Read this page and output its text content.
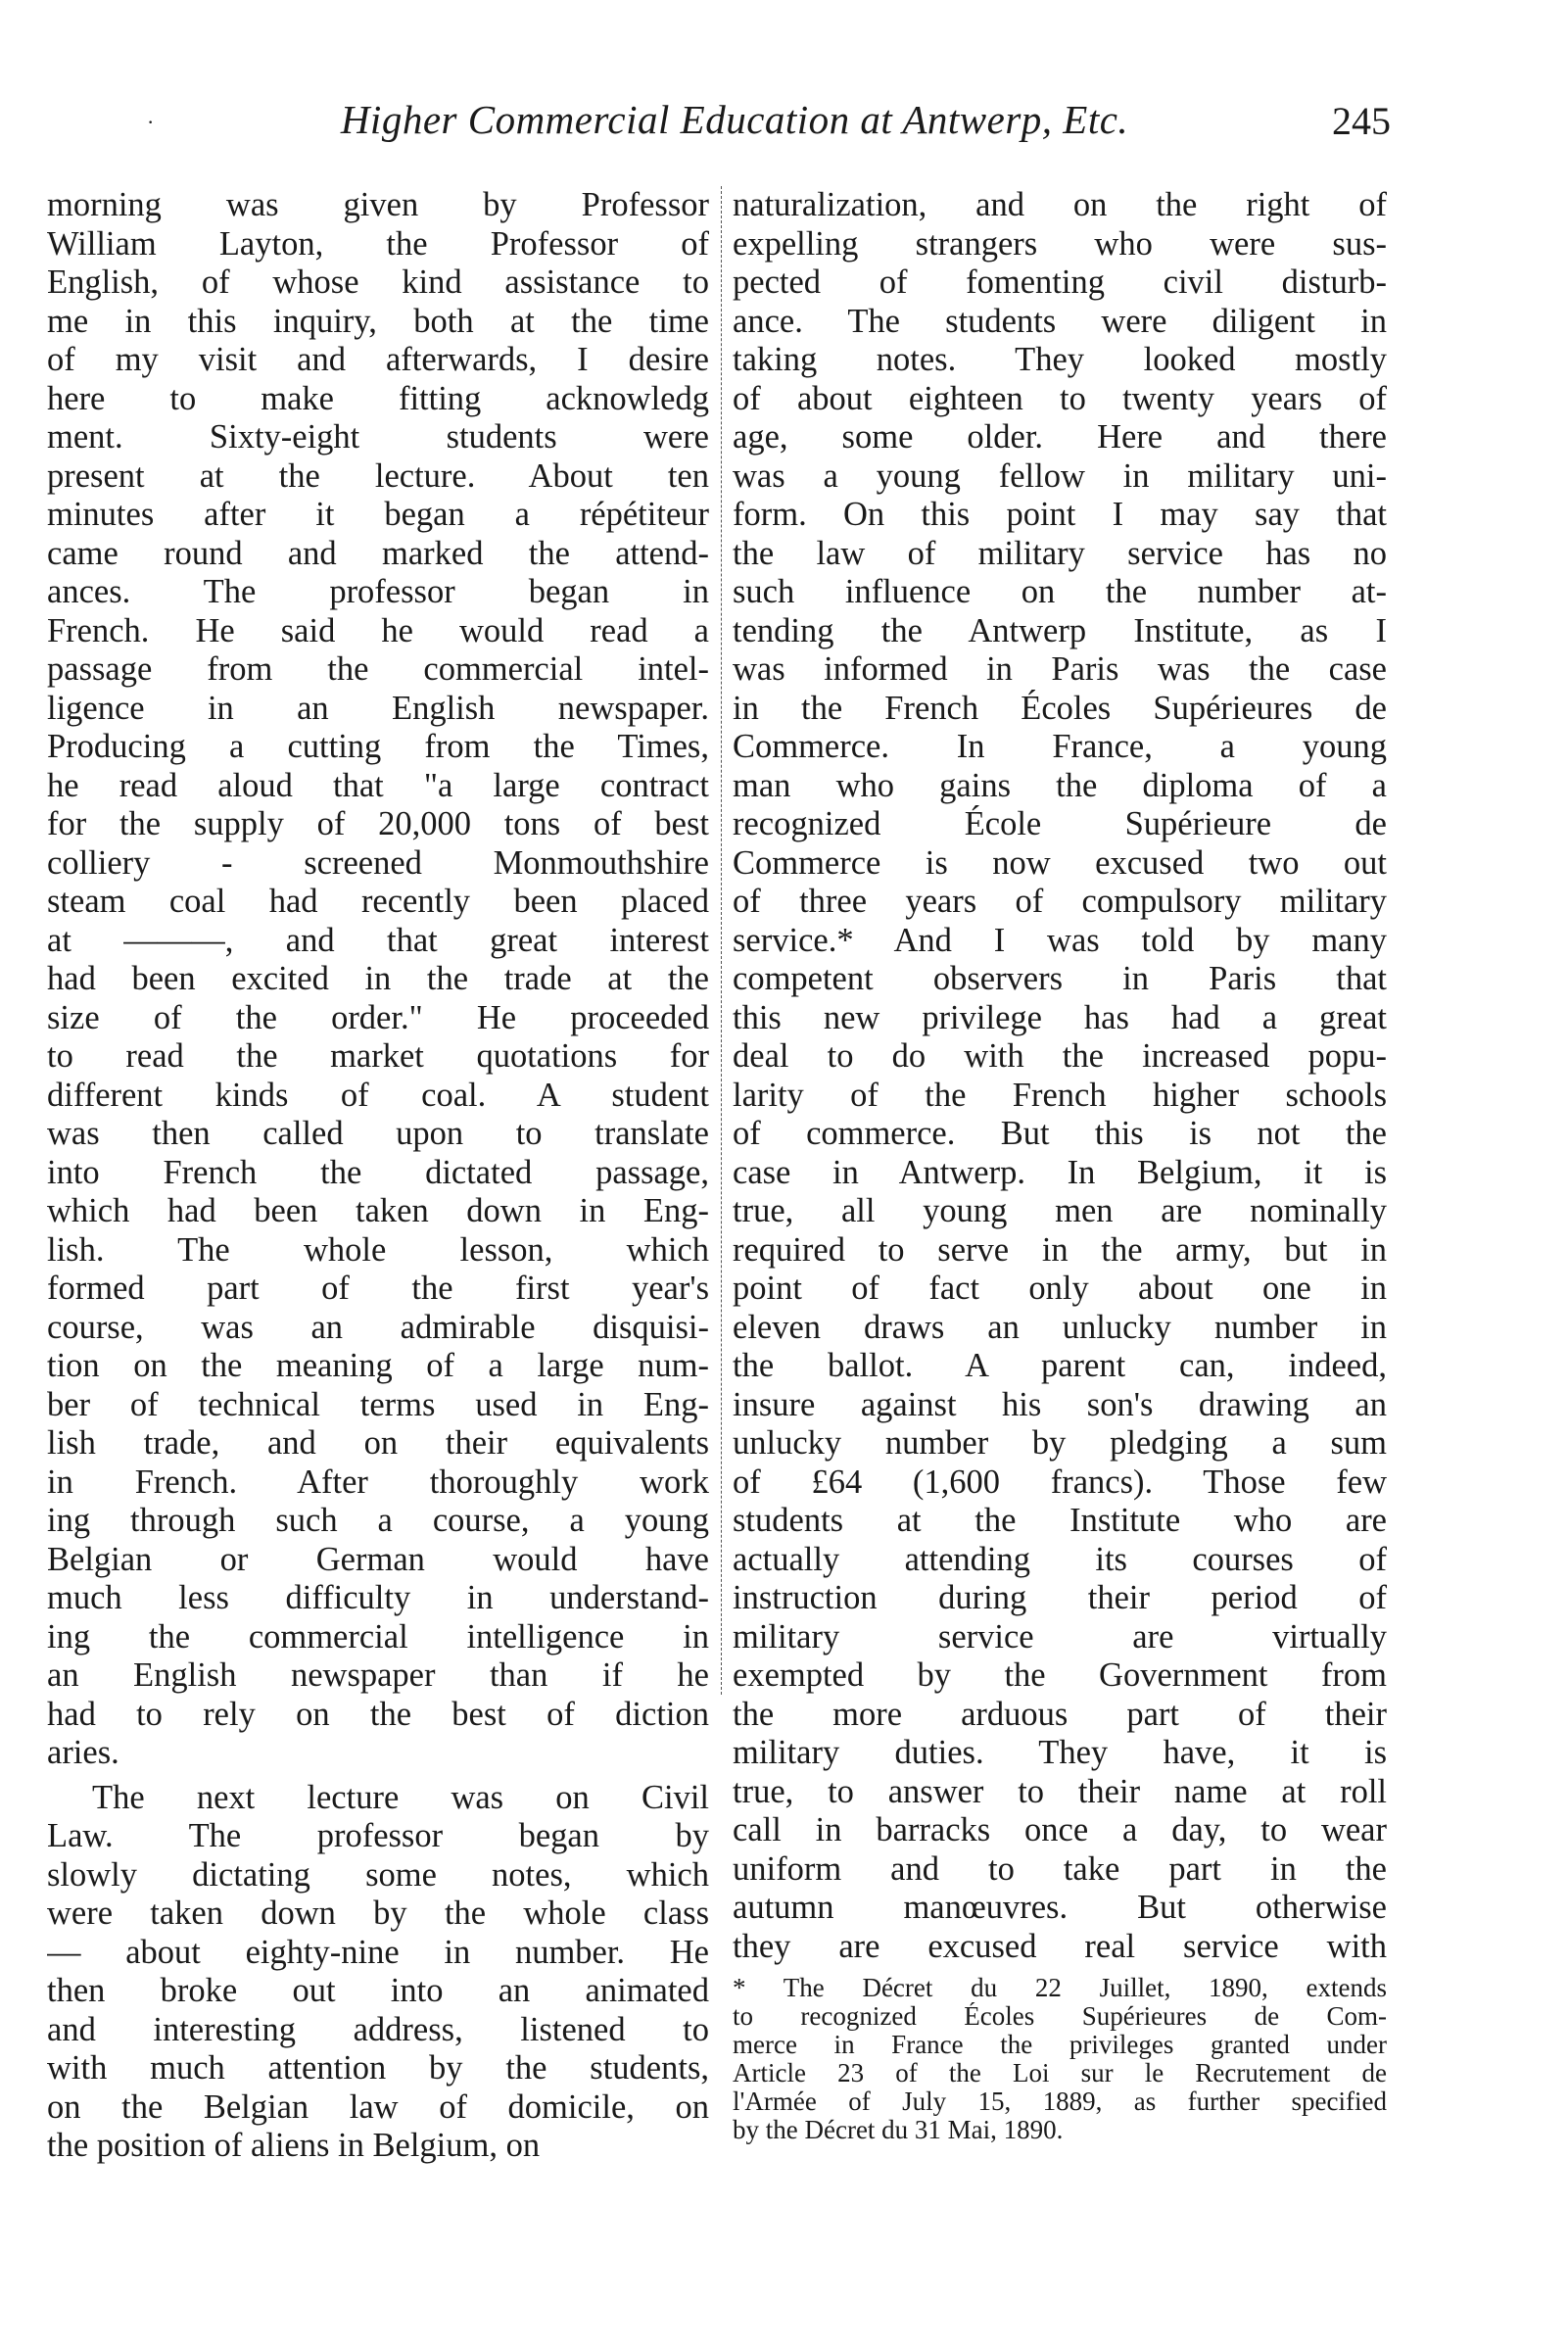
·	Higher Commercial Education at Antwerp, Etc.	245
morning was given by Professor
William Layton, the Professor of
English, of whose kind assistance to
me in this inquiry, both at the time
of my visit and afterwards, I desire
here to make fitting acknowledg
ment. Sixty-eight students were
present at the lecture. About ten
minutes after it began a répétiteur
came round and marked the attend-
ances. The professor began in
French. He said he would read a
passage from the commercial intel-
ligence in an English newspaper.
Producing a cutting from the Times,
he read aloud that "a large contract
for the supply of 20,000 tons of best
colliery - screened Monmouthshire
steam coal had recently been placed
at ———, and that great interest
had been excited in the trade at the
size of the order." He proceeded
to read the market quotations for
different kinds of coal. A student
was then called upon to translate
into French the dictated passage,
which had been taken down in Eng-
lish. The whole lesson, which
formed part of the first year's
course, was an admirable disquisi-
tion on the meaning of a large num-
ber of technical terms used in Eng-
lish trade, and on their equivalents
in French. After thoroughly work
ing through such a course, a young
Belgian or German would have
much less difficulty in understand-
ing the commercial intelligence in
an English newspaper than if he
had to rely on the best of diction
aries.
The next lecture was on Civil
Law. The professor began by
slowly dictating some notes, which
were taken down by the whole class
— about eighty-nine in number. He
then broke out into an animated
and interesting address, listened to
with much attention by the students,
on the Belgian law of domicile, on
the position of aliens in Belgium, on
naturalization, and on the right of
expelling strangers who were sus-
pected of fomenting civil disturb-
ance. The students were diligent in
taking notes. They looked mostly
of about eighteen to twenty years of
age, some older. Here and there
was a young fellow in military uni-
form. On this point I may say that
the law of military service has no
such influence on the number at-
tending the Antwerp Institute, as I
was informed in Paris was the case
in the French Écoles Supérieures de
Commerce. In France, a young
man who gains the diploma of a
recognized École Supérieure de
Commerce is now excused two out
of three years of compulsory military
service.* And I was told by many
competent observers in Paris that
this new privilege has had a great
deal to do with the increased popu-
larity of the French higher schools
of commerce. But this is not the
case in Antwerp. In Belgium, it is
true, all young men are nominally
required to serve in the army, but in
point of fact only about one in
eleven draws an unlucky number in
the ballot. A parent can, indeed,
insure against his son's drawing an
unlucky number by pledging a sum
of £64 (1,600 francs). Those few
students at the Institute who are
actually attending its courses of
instruction during their period of
military service are virtually
exempted by the Government from
the more arduous part of their
military duties. They have, it is
true, to answer to their name at roll
call in barracks once a day, to wear
uniform and to take part in the
autumn manœuvres. But otherwise
they are excused real service with
* The Décret du 22 Juillet, 1890, extends
to recognized Écoles Supérieures de Com-
merce in France the privileges granted under
Article 23 of the Loi sur le Recrutement de
l'Armée of July 15, 1889, as further specified
by the Décret du 31 Mai, 1890.
